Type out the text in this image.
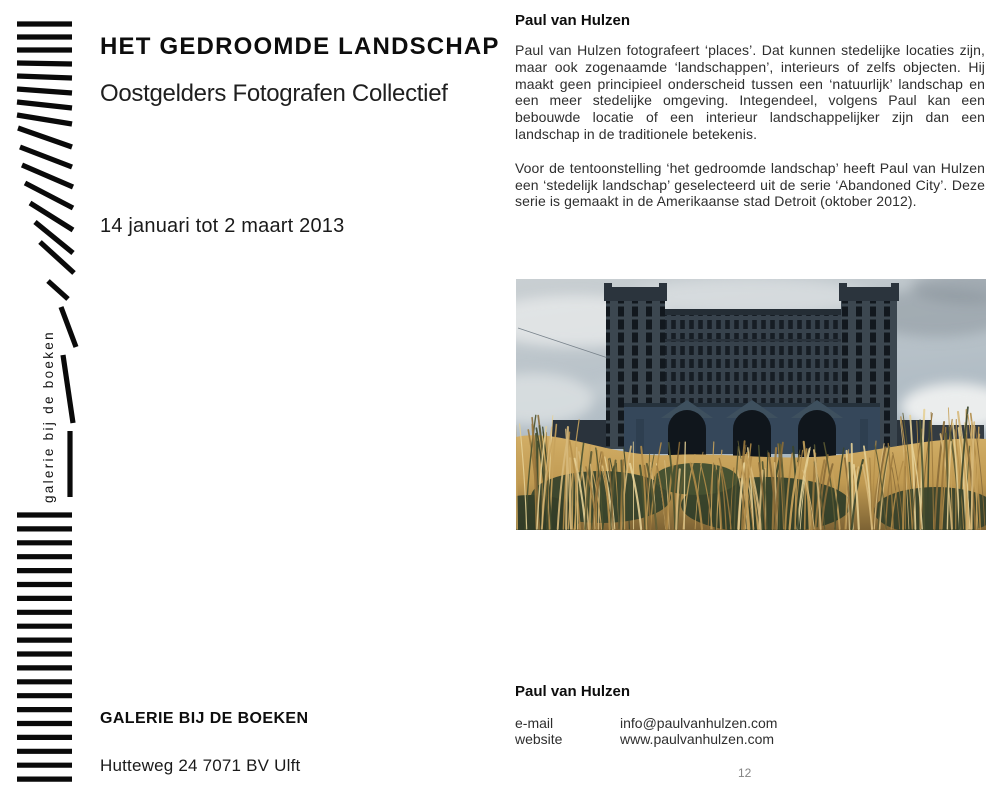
galerie bij de boeken
HET GEDROOMDE LANDSCHAP
Oostgelders Fotografen Collectief
14 januari tot 2 maart 2013
GALERIE BIJ DE BOEKEN
Hutteweg 24 7071 BV Ulft
Paul van Hulzen

Paul van Hulzen fotografeert ‘places’. Dat kunnen stedelijke locaties zijn, maar ook zogenaamde ‘landschappen’, interieurs of zelfs objecten. Hij maakt geen principieel onderscheid tussen een ‘natuurlijk’ landschap en een meer stedelijke omgeving. Integendeel, volgens Paul kan een bebouwde locatie of een interieur landschappelijker zijn dan een landschap in de traditionele betekenis.

Voor de tentoonstelling ‘het gedroomde landschap’ heeft Paul van Hulzen een ‘stedelijk landschap’ geselecteerd uit de serie ‘Abandoned City’. Deze serie is gemaakt in de Amerikaanse stad Detroit (oktober 2012).

Paul van Hulzen
e-mail	info@paulvanhulzen.com
website	www.paulvanhulzen.com
12
